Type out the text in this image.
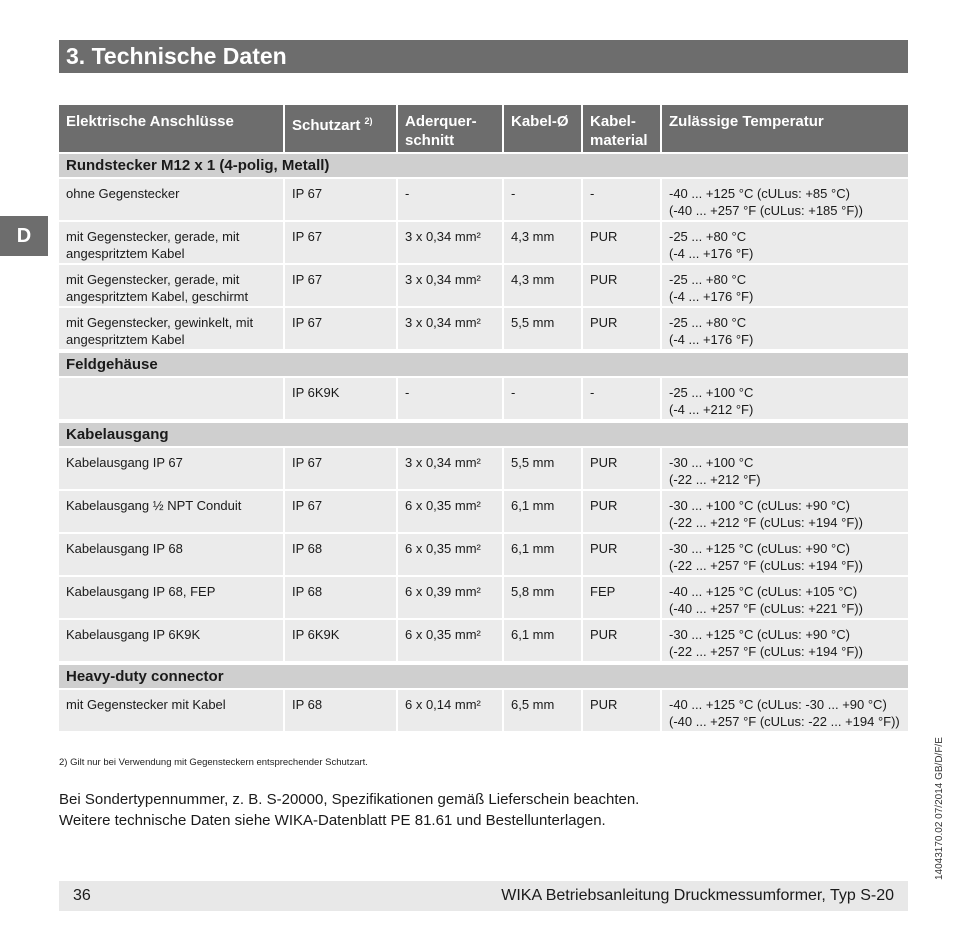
3. Technische Daten
D
14043170.02 07/2014 GB/D/F/E
Elektrische Anschlüsse	Schutzart $^{2)}$	Aderquer-
schnitt	Kabel-Ø	Kabel-
material	Zulässige Temperatur
Rundstecker M12 x 1 (4-polig, Metall)					

ohne Gegenstecker	IP 67	-	-	-	-40 ... +125 °C (cULus: +85 °C)
(-40 ... +257 °F (cULus: +185 °F))

mit Gegenstecker, gerade, mit
angespritztem Kabel	IP 67	3 x 0,34 mm²	4,3 mm	PUR	-25 ... +80 °C
(-4 ... +176 °F)

mit Gegenstecker, gerade, mit
angespritztem Kabel, geschirmt	IP 67	3 x 0,34 mm²	4,3 mm	PUR	-25 ... +80 °C
(-4 ... +176 °F)

mit Gegenstecker, gewinkelt, mit
angespritztem Kabel	IP 67	3 x 0,34 mm²	5,5 mm	PUR	-25 ... +80 °C
(-4 ... +176 °F)

Feldgehäuse					

	IP 6K9K	-	-	-	-25 ... +100 °C
(-4 ... +212 °F)

Kabelausgang					

Kabelausgang IP 67	IP 67	3 x 0,34 mm²	5,5 mm	PUR	-30 ... +100 °C
(-22 ... +212 °F)

Kabelausgang ½ NPT Conduit	IP 67	6 x 0,35 mm²	6,1 mm	PUR	-30 ... +100 °C (cULus: +90 °C)
(-22 ... +212 °F (cULus: +194 °F))

Kabelausgang IP 68	IP 68	6 x 0,35 mm²	6,1 mm	PUR	-30 ... +125 °C (cULus: +90 °C)
(-22 ... +257 °F (cULus: +194 °F))

Kabelausgang IP 68, FEP	IP 68	6 x 0,39 mm²	5,8 mm	FEP	-40 ... +125 °C (cULus: +105 °C)
(-40 ... +257 °F (cULus: +221 °F))

Kabelausgang IP 6K9K	IP 6K9K	6 x 0,35 mm²	6,1 mm	PUR	-30 ... +125 °C (cULus: +90 °C)
(-22 ... +257 °F (cULus: +194 °F))

Heavy-duty connector					

mit Gegenstecker mit Kabel	IP 68	6 x 0,14 mm²	6,5 mm	PUR	-40 ... +125 °C (cULus: -30 ... +90 °C)
(-40 ... +257 °F (cULus: -22 ... +194 °F))
2) Gilt nur bei Verwendung mit Gegensteckern entsprechender Schutzart.
Bei Sondertypennummer, z. B. S-20000, Spezifikationen gemäß Lieferschein beachten.
Weitere technische Daten siehe WIKA-Datenblatt PE 81.61 und Bestellunterlagen.
36	WIKA Betriebsanleitung Druckmessumformer, Typ S-20
